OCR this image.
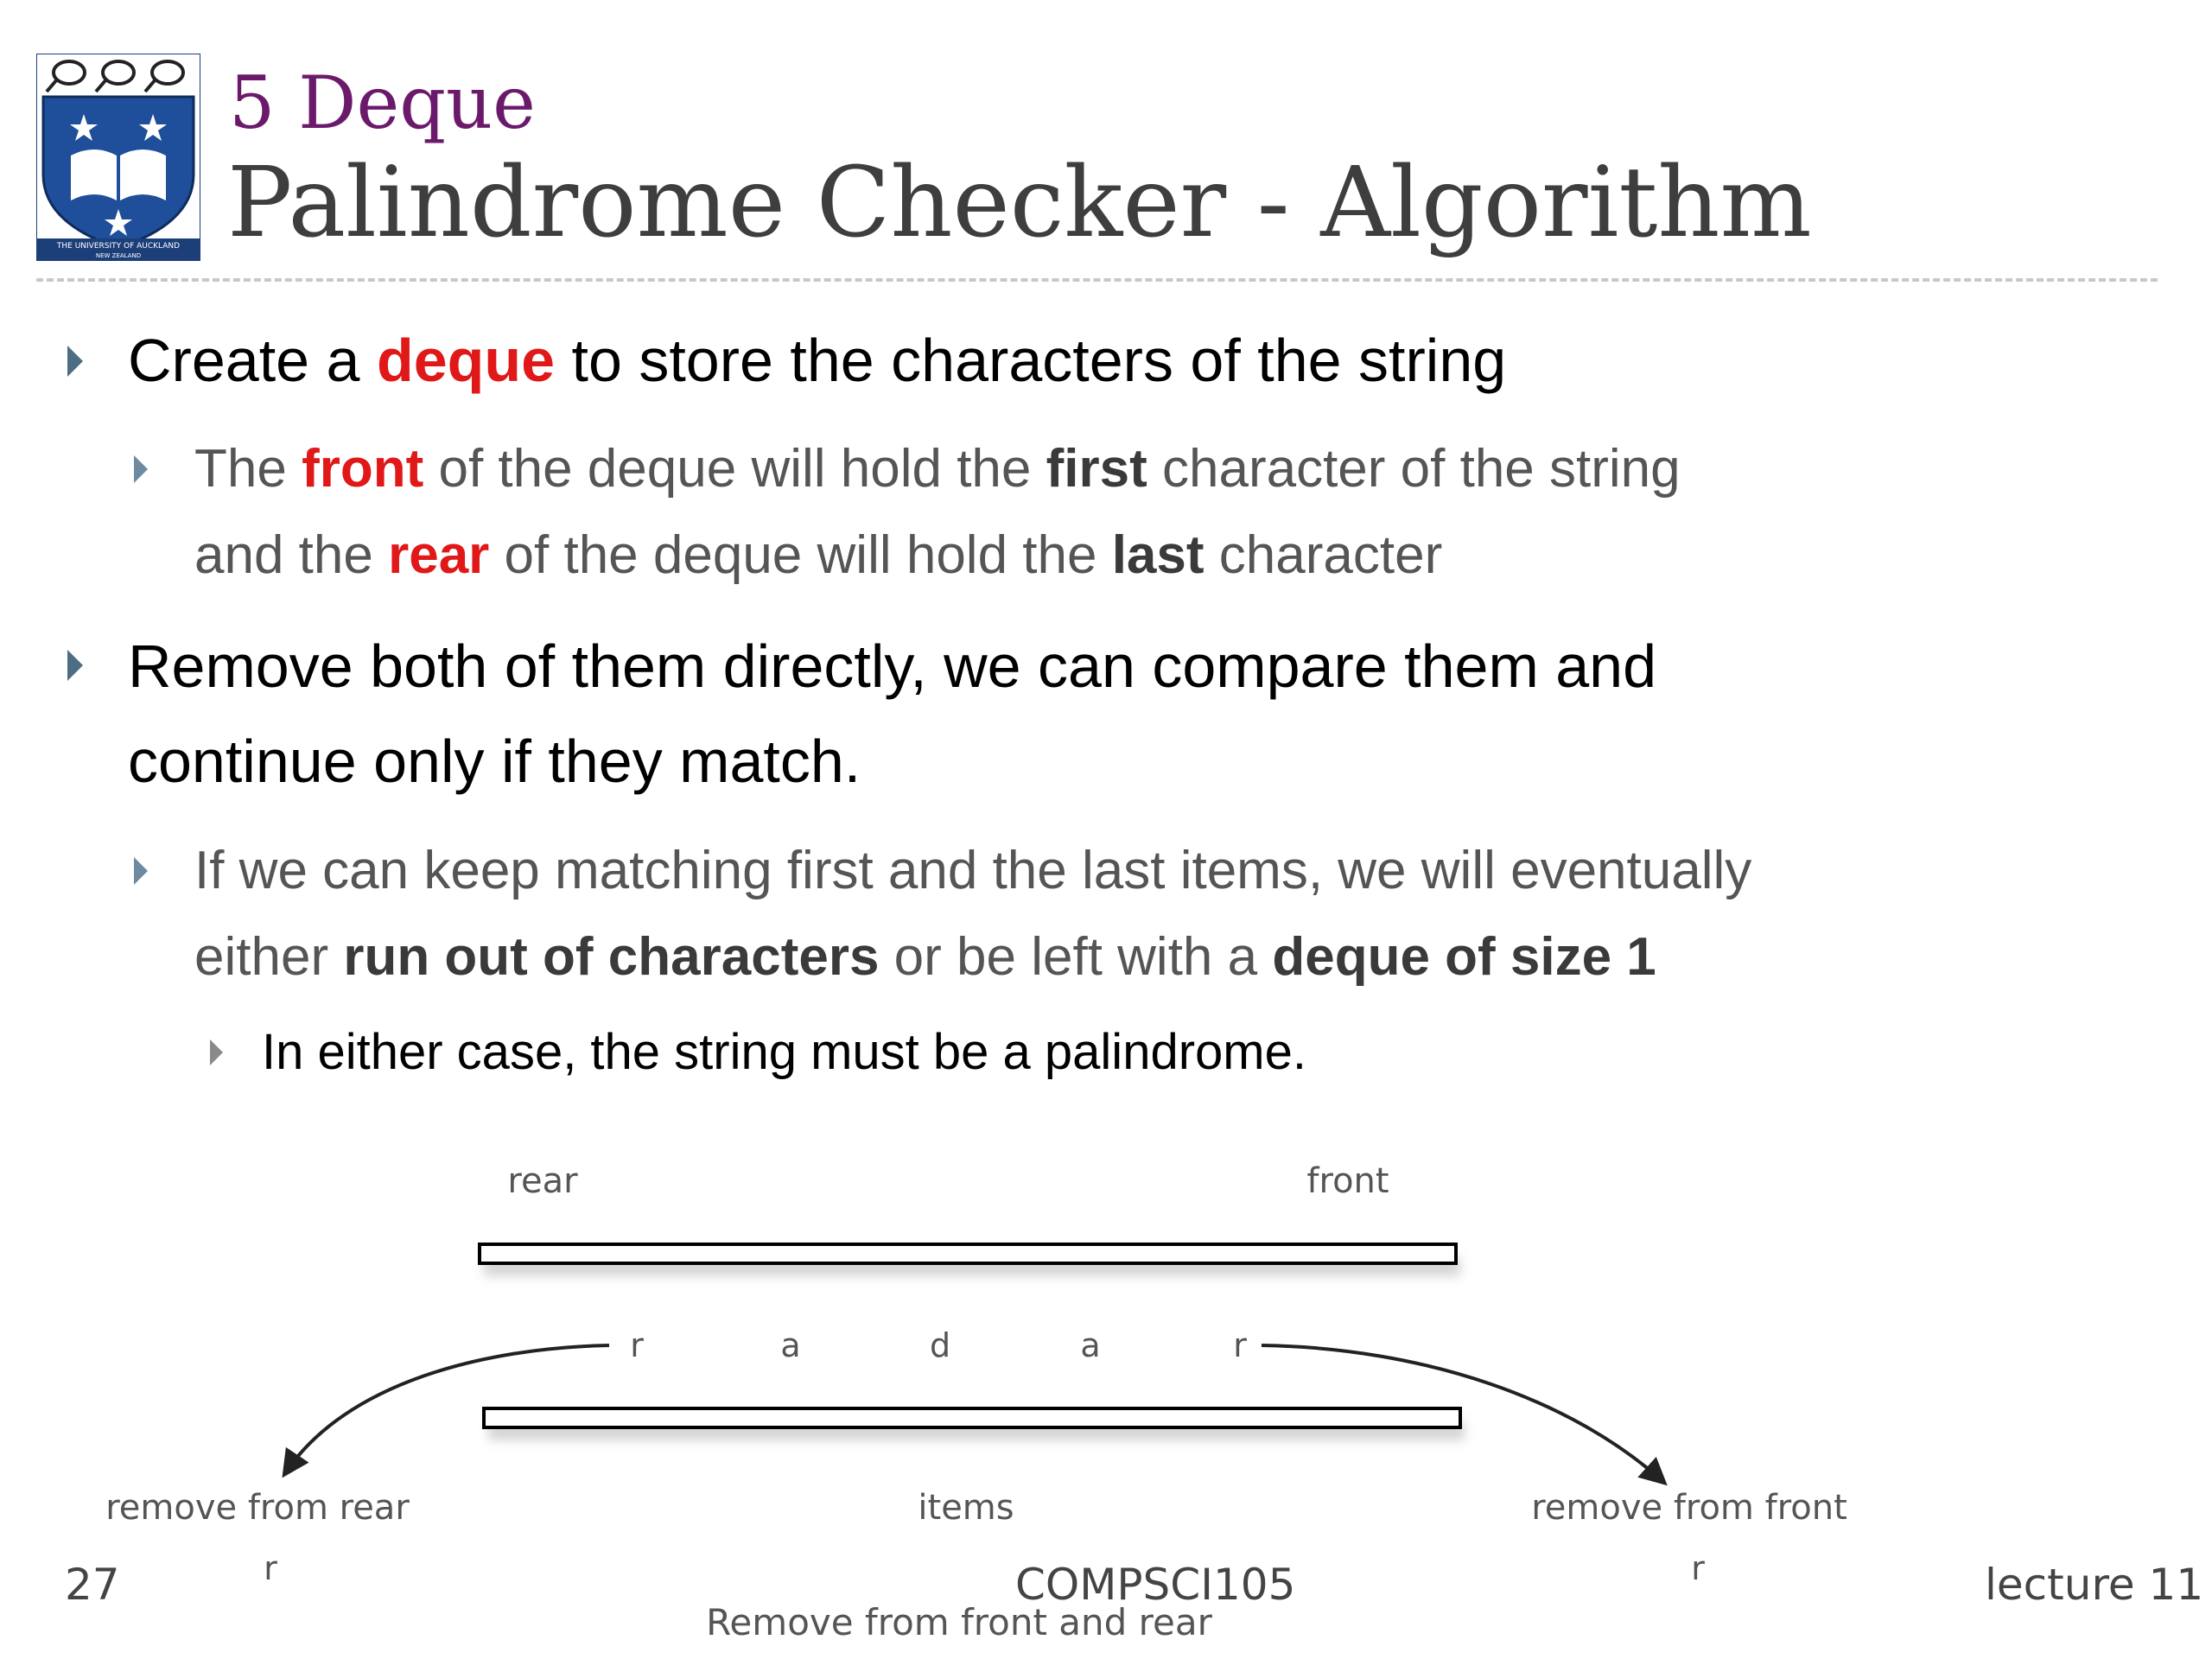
THE UNIVERSITY OF AUCKLAND
NEW ZEALAND
5 Deque
Palindrome Checker - Algorithm
Create a deque to store the characters of the string
The front of the deque will hold the first character of the string
and the rear of the deque will hold the last character
Remove both of them directly, we can compare them and
continue only if they match.
If we can keep matching first and the last items, we will eventually
either run out of characters or be left with a deque of size 1
In either case, the string must be a palindrome.
rear	front
r	a	d	a	r
remove from rear	items	remove from front
r	r
Remove from front and rear
27	COMPSCI105	lecture 11
